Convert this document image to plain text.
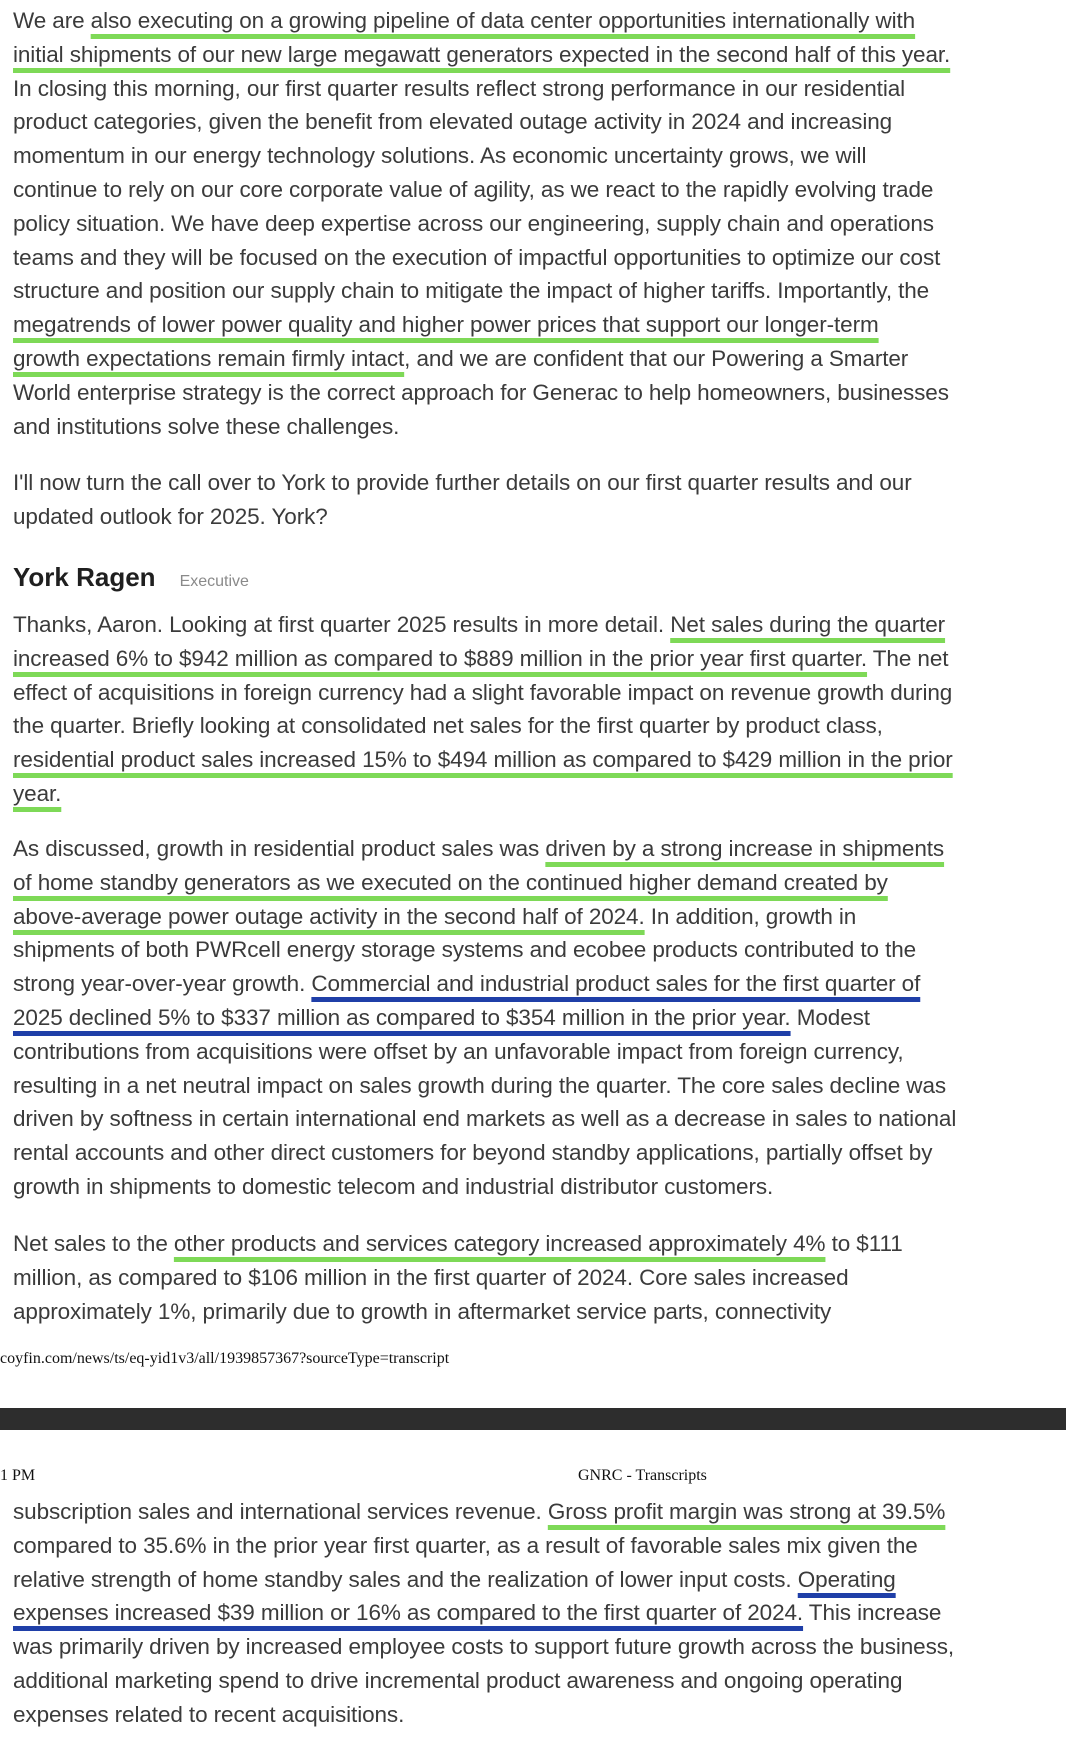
We are also executing on a growing pipeline of data center opportunities internationally with
initial shipments of our new large megawatt generators expected in the second half of this year.
In closing this morning, our first quarter results reflect strong performance in our residential
product categories, given the benefit from elevated outage activity in 2024 and increasing
momentum in our energy technology solutions. As economic uncertainty grows, we will
continue to rely on our core corporate value of agility, as we react to the rapidly evolving trade
policy situation. We have deep expertise across our engineering, supply chain and operations
teams and they will be focused on the execution of impactful opportunities to optimize our cost
structure and position our supply chain to mitigate the impact of higher tariffs. Importantly, the
megatrends of lower power quality and higher power prices that support our longer-term
growth expectations remain firmly intact, and we are confident that our Powering a Smarter
World enterprise strategy is the correct approach for Generac to help homeowners, businesses
and institutions solve these challenges.

I'll now turn the call over to York to provide further details on our first quarter results and our
updated outlook for 2025. York?

York Ragen Executive

Thanks, Aaron. Looking at first quarter 2025 results in more detail. Net sales during the quarter
increased 6% to $942 million as compared to $889 million in the prior year first quarter. The net
effect of acquisitions in foreign currency had a slight favorable impact on revenue growth during
the quarter. Briefly looking at consolidated net sales for the first quarter by product class,
residential product sales increased 15% to $494 million as compared to $429 million in the prior
year.

As discussed, growth in residential product sales was driven by a strong increase in shipments
of home standby generators as we executed on the continued higher demand created by
above-average power outage activity in the second half of 2024. In addition, growth in
shipments of both PWRcell energy storage systems and ecobee products contributed to the
strong year-over-year growth. Commercial and industrial product sales for the first quarter of
2025 declined 5% to $337 million as compared to $354 million in the prior year. Modest
contributions from acquisitions were offset by an unfavorable impact from foreign currency,
resulting in a net neutral impact on sales growth during the quarter. The core sales decline was
driven by softness in certain international end markets as well as a decrease in sales to national
rental accounts and other direct customers for beyond standby applications, partially offset by
growth in shipments to domestic telecom and industrial distributor customers.

Net sales to the other products and services category increased approximately 4% to $111
million, as compared to $106 million in the first quarter of 2024. Core sales increased
approximately 1%, primarily due to growth in aftermarket service parts, connectivity

coyfin.com/news/ts/eq-yid1v3/all/1939857367?sourceType=transcript
1 PM	GNRC - Transcripts

subscription sales and international services revenue. Gross profit margin was strong at 39.5%
compared to 35.6% in the prior year first quarter, as a result of favorable sales mix given the
relative strength of home standby sales and the realization of lower input costs. Operating
expenses increased $39 million or 16% as compared to the first quarter of 2024. This increase
was primarily driven by increased employee costs to support future growth across the business,
additional marketing spend to drive incremental product awareness and ongoing operating
expenses related to recent acquisitions.
